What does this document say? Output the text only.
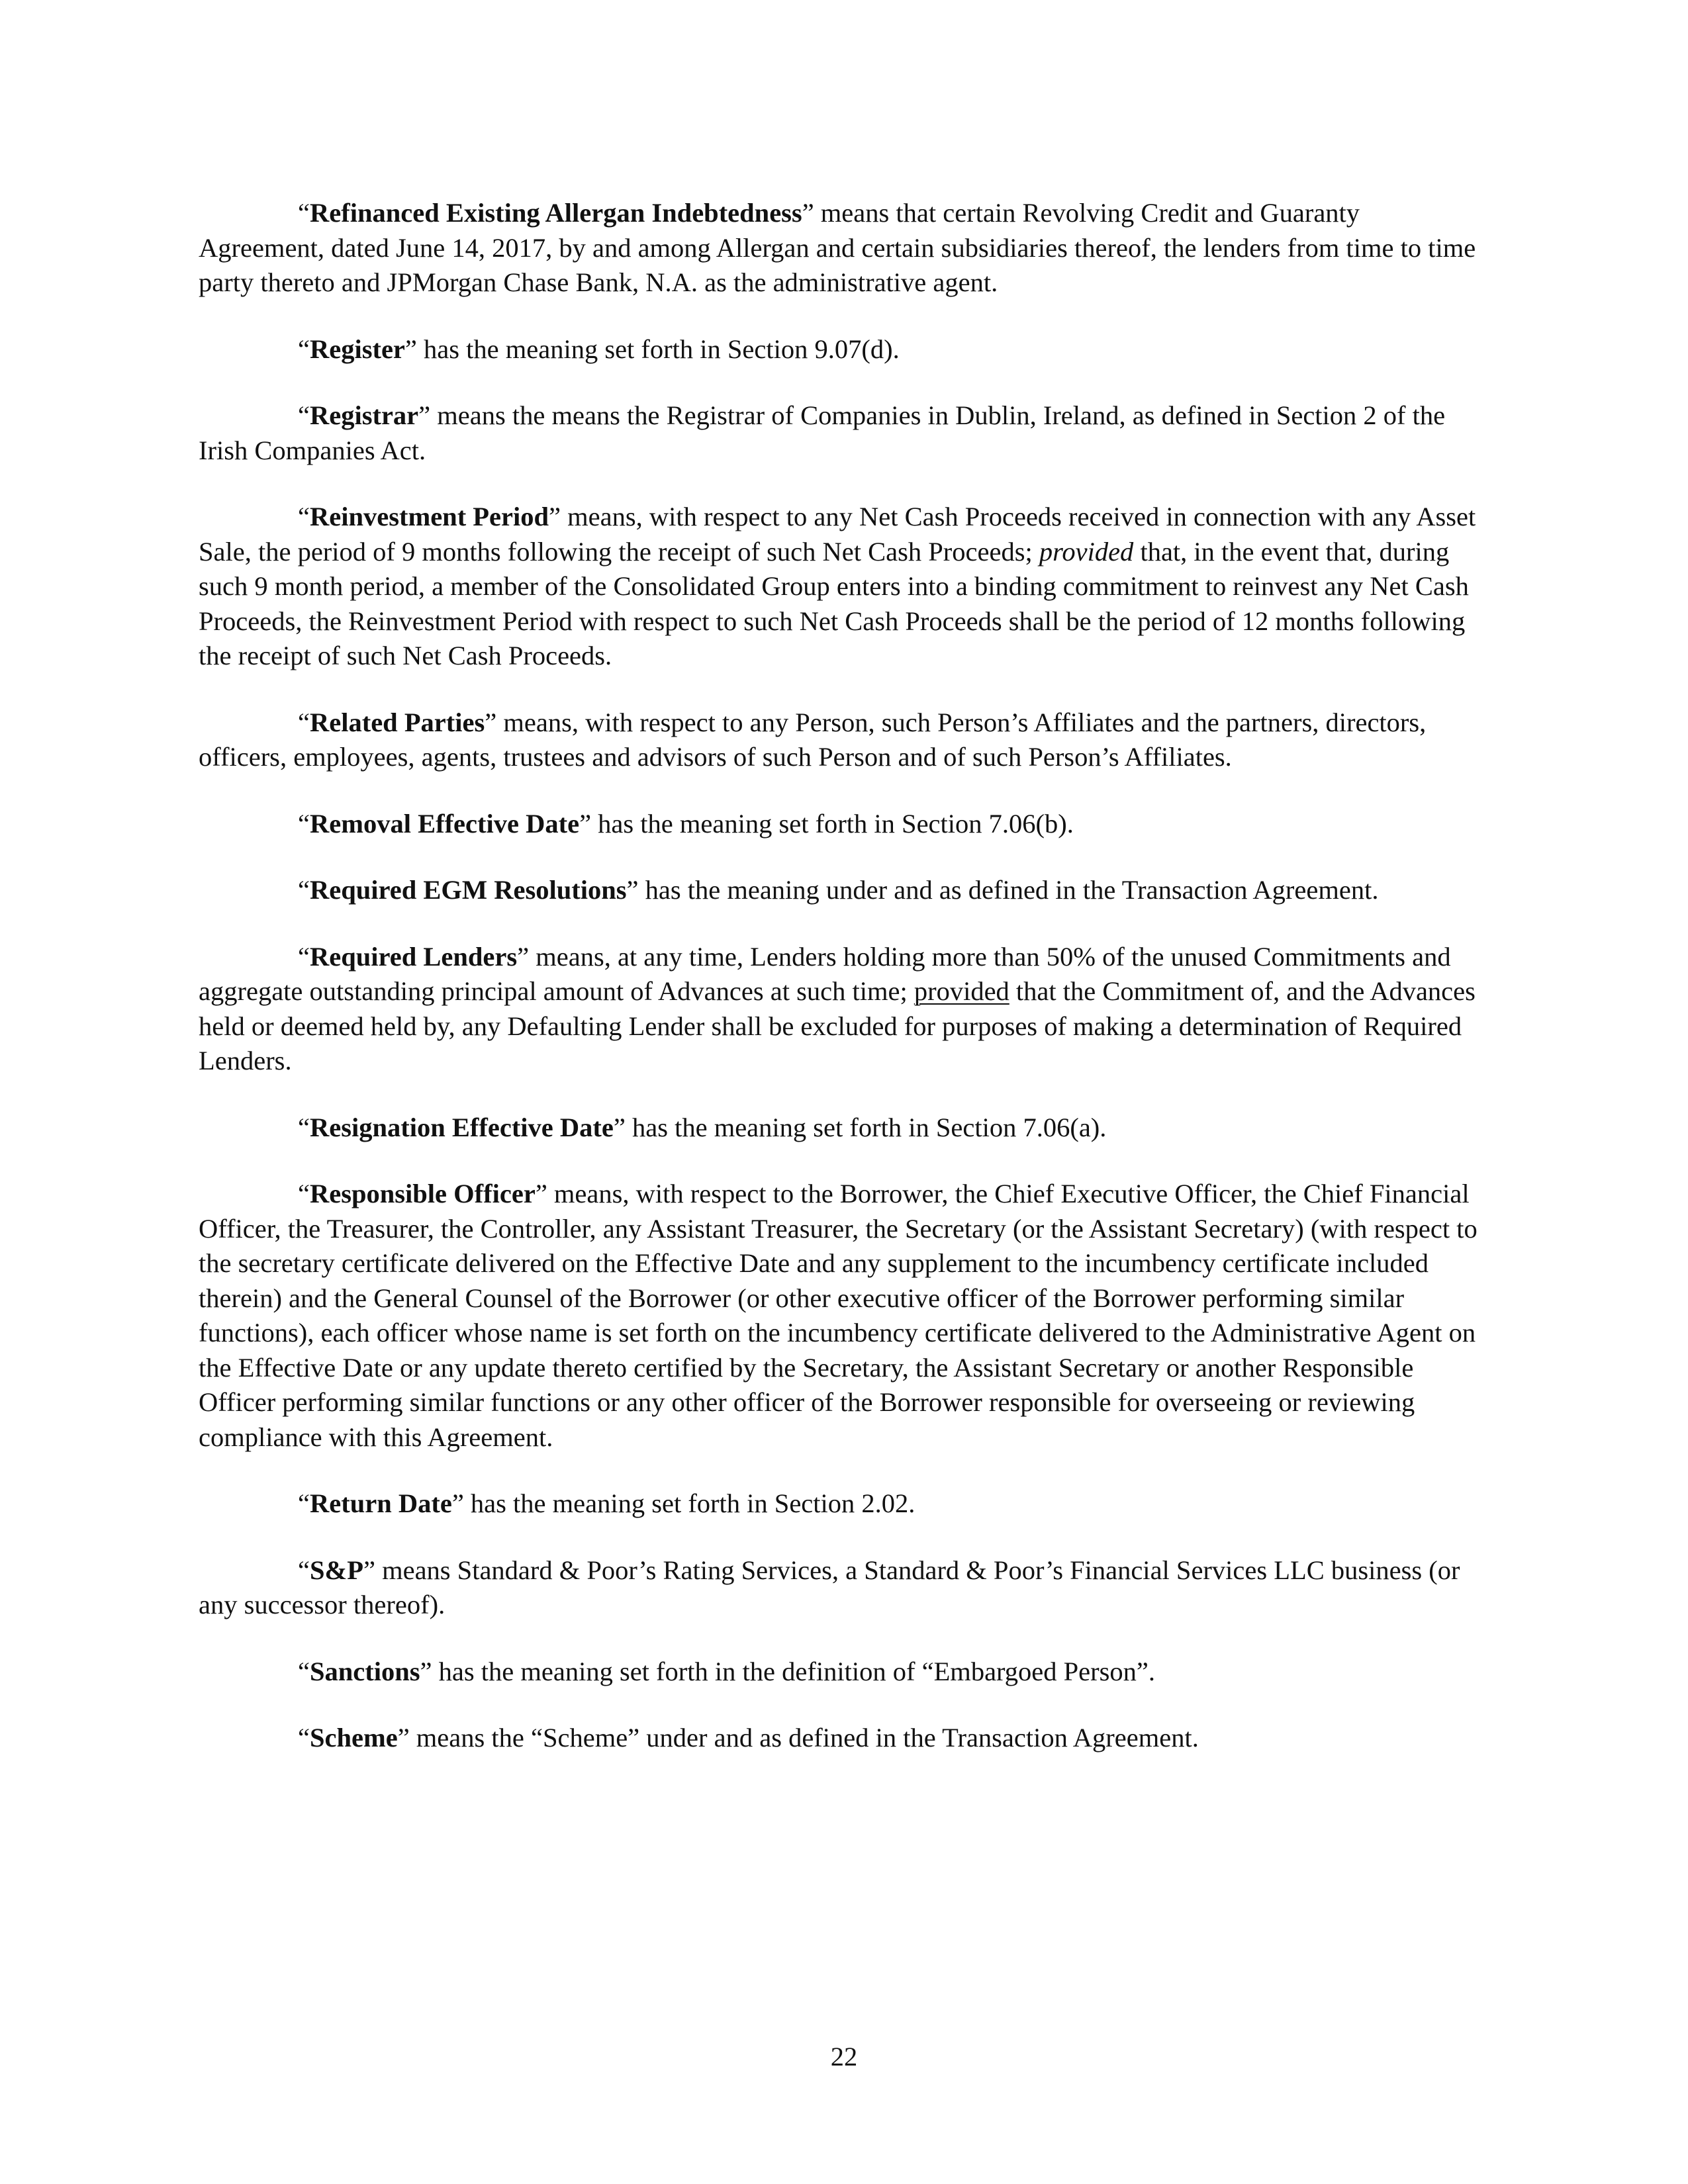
“Refinanced Existing Allergan Indebtedness” means that certain Revolving Credit and Guaranty Agreement, dated June 14, 2017, by and among Allergan and certain subsidiaries thereof, the lenders from time to time party thereto and JPMorgan Chase Bank, N.A. as the administrative agent.

“Register” has the meaning set forth in Section 9.07(d).

“Registrar” means the means the Registrar of Companies in Dublin, Ireland, as defined in Section 2 of the Irish Companies Act.

“Reinvestment Period” means, with respect to any Net Cash Proceeds received in connection with any Asset Sale, the period of 9 months following the receipt of such Net Cash Proceeds; provided that, in the event that, during such 9 month period, a member of the Consolidated Group enters into a binding commitment to reinvest any Net Cash Proceeds, the Reinvestment Period with respect to such Net Cash Proceeds shall be the period of 12 months following the receipt of such Net Cash Proceeds.

“Related Parties” means, with respect to any Person, such Person’s Affiliates and the partners, directors, officers, employees, agents, trustees and advisors of such Person and of such Person’s Affiliates.

“Removal Effective Date” has the meaning set forth in Section 7.06(b).

“Required EGM Resolutions” has the meaning under and as defined in the Transaction Agreement.

“Required Lenders” means, at any time, Lenders holding more than 50% of the unused Commitments and aggregate outstanding principal amount of Advances at such time; provided that the Commitment of, and the Advances held or deemed held by, any Defaulting Lender shall be excluded for purposes of making a determination of Required Lenders.

“Resignation Effective Date” has the meaning set forth in Section 7.06(a).

“Responsible Officer” means, with respect to the Borrower, the Chief Executive Officer, the Chief Financial Officer, the Treasurer, the Controller, any Assistant Treasurer, the Secretary (or the Assistant Secretary) (with respect to the secretary certificate delivered on the Effective Date and any supplement to the incumbency certificate included therein) and the General Counsel of the Borrower (or other executive officer of the Borrower performing similar functions), each officer whose name is set forth on the incumbency certificate delivered to the Administrative Agent on the Effective Date or any update thereto certified by the Secretary, the Assistant Secretary or another Responsible Officer performing similar functions or any other officer of the Borrower responsible for overseeing or reviewing compliance with this Agreement.

“Return Date” has the meaning set forth in Section 2.02.

“S&P” means Standard & Poor’s Rating Services, a Standard & Poor’s Financial Services LLC business (or any successor thereof).

“Sanctions” has the meaning set forth in the definition of “Embargoed Person”.

“Scheme” means the “Scheme” under and as defined in the Transaction Agreement.

22
